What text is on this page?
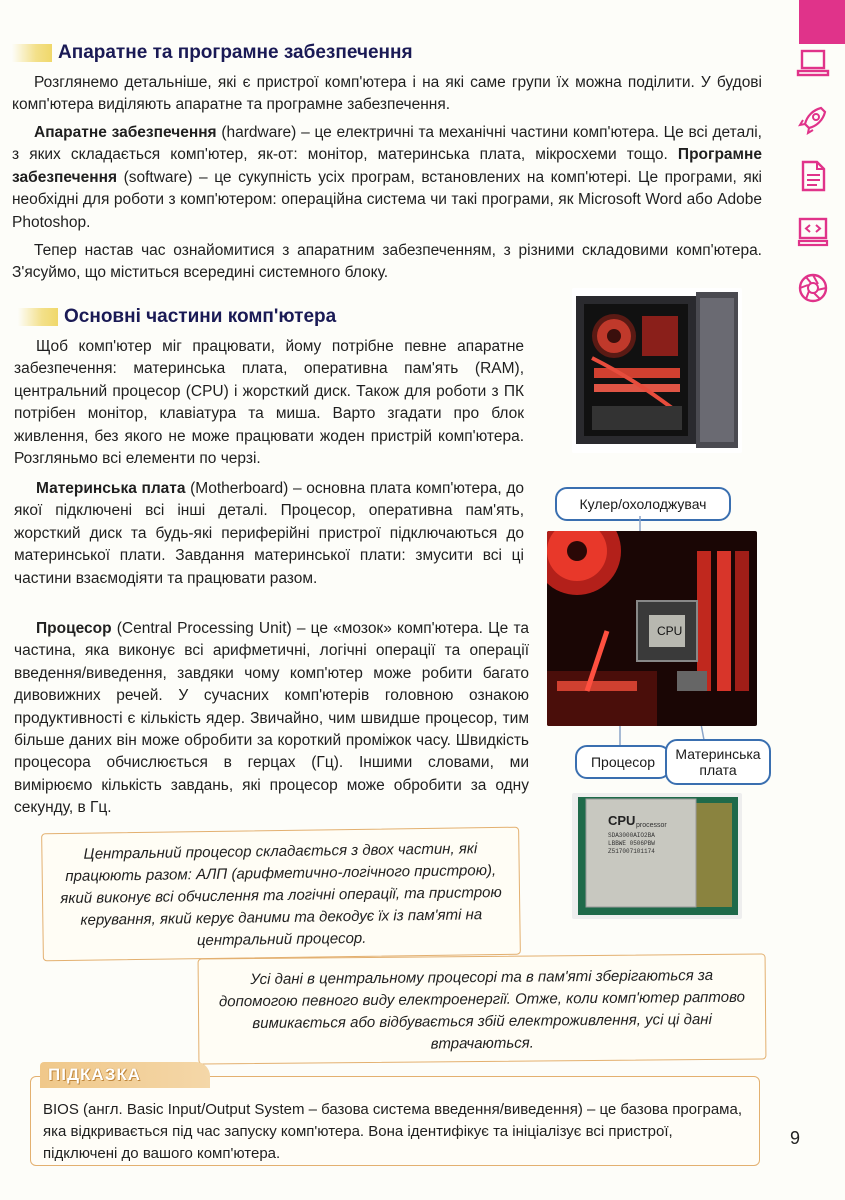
Апаратне та програмне забезпечення

Розглянемо детальніше, які є пристрої комп'ютера і на які саме групи їх можна поділити. У будові комп'ютера виділяють апаратне та програмне забезпечення.

Апаратне забезпечення (hardware) – це електричні та механічні частини комп'ютера. Це всі деталі, з яких складається комп'ютер, як-от: монітор, материнська плата, мікросхеми тощо. Програмне забезпечення (software) – це сукупність усіх програм, встановлених на комп'ютері. Це програми, які необхідні для роботи з комп'ютером: операційна система чи такі програми, як Microsoft Word або Adobe Photoshop.

Тепер настав час ознайомитися з апаратним забезпеченням, з різними складовими комп'ютера. З'ясуймо, що міститься всередині системного блоку.

Основні частини комп'ютера

Щоб комп'ютер міг працювати, йому потрібне певне апаратне забезпечення: материнська плата, оперативна пам'ять (RAM), центральний процесор (CPU) і жорсткий диск. Також для роботи з ПК потрібен монітор, клавіатура та миша. Варто згадати про блок живлення, без якого не може працювати жоден пристрій комп'ютера. Розгляньмо всі елементи по черзі.

Материнська плата (Motherboard) – основна плата комп'ютера, до якої підключені всі інші деталі. Процесор, оперативна пам'ять, жорсткий диск та будь-які периферійні пристрої підключаються до материнської плати. Завдання материнської плати: змусити всі ці частини взаємодіяти та працювати разом.

Процесор (Central Processing Unit) – це «мозок» комп'ютера. Це та частина, яка виконує всі арифметичні, логічні операції та операції введення/виведення, завдяки чому комп'ютер може робити багато дивовижних речей. У сучасних комп'ютерів головною ознакою продуктивності є кількість ядер. Звичайно, чим швидше процесор, тим більше даних він може обробити за короткий проміжок часу. Швидкість процесора обчислюється в герцах (Гц). Іншими словами, ми вимірюємо кількість завдань, які процесор може обробити за одну секунду, в Гц.

Кулер/охолоджувач
CPU
Процесор	Материнська плата
CPU processor
SDA3000AIO2BA
LBBWE 0506PBW
Z517007101174
Центральний процесор складається з двох частин, які працюють разом: АЛП (арифметично-логічного пристрою), який виконує всі обчислення та логічні операції, та пристрою керування, який керує даними та декодує їх із пам'яті на центральний процесор.
Усі дані в центральному процесорі та в пам'яті зберігаються за допомогою певного виду електроенергії. Отже, коли комп'ютер раптово вимикається або відбувається збій електроживлення, усі ці дані втрачаються.
BIOS (англ. Basic Input/Output System – базова система введення/виведення) – це базова програма, яка відкривається під час запуску комп'ютера. Вона ідентифікує та ініціалізує всі пристрої, підключені до вашого комп'ютера.
ПІДКАЗКА
9
